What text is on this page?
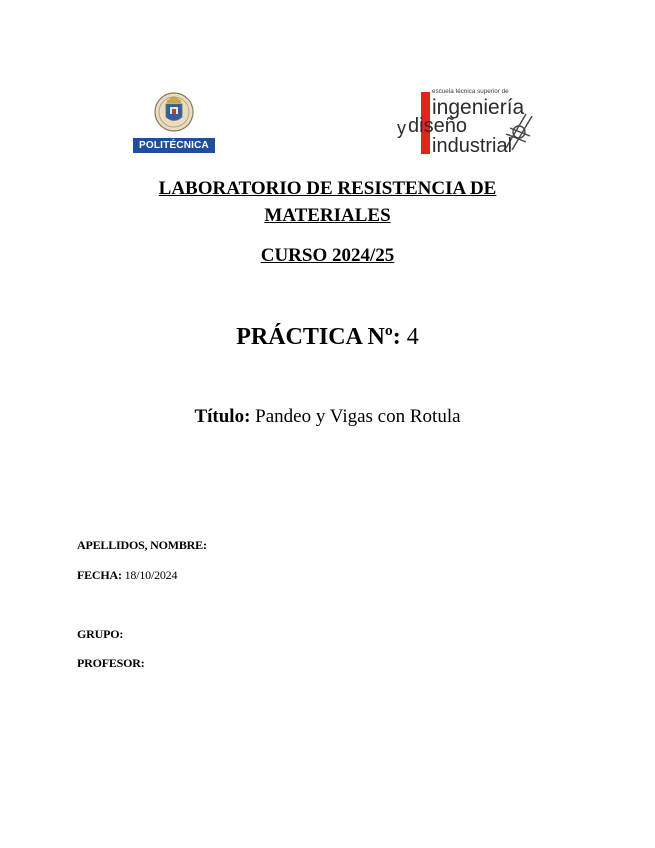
POLITÉCNICA
escuela técnica superior de
ingeniería
y diseño
industrial
LABORATORIO DE RESISTENCIA DE
MATERIALES
CURSO 2024/25
PRÁCTICA Nº: 4
Título: Pandeo y Vigas con Rotula
APELLIDOS, NOMBRE:
FECHA: 18/10/2024
GRUPO:
PROFESOR:
